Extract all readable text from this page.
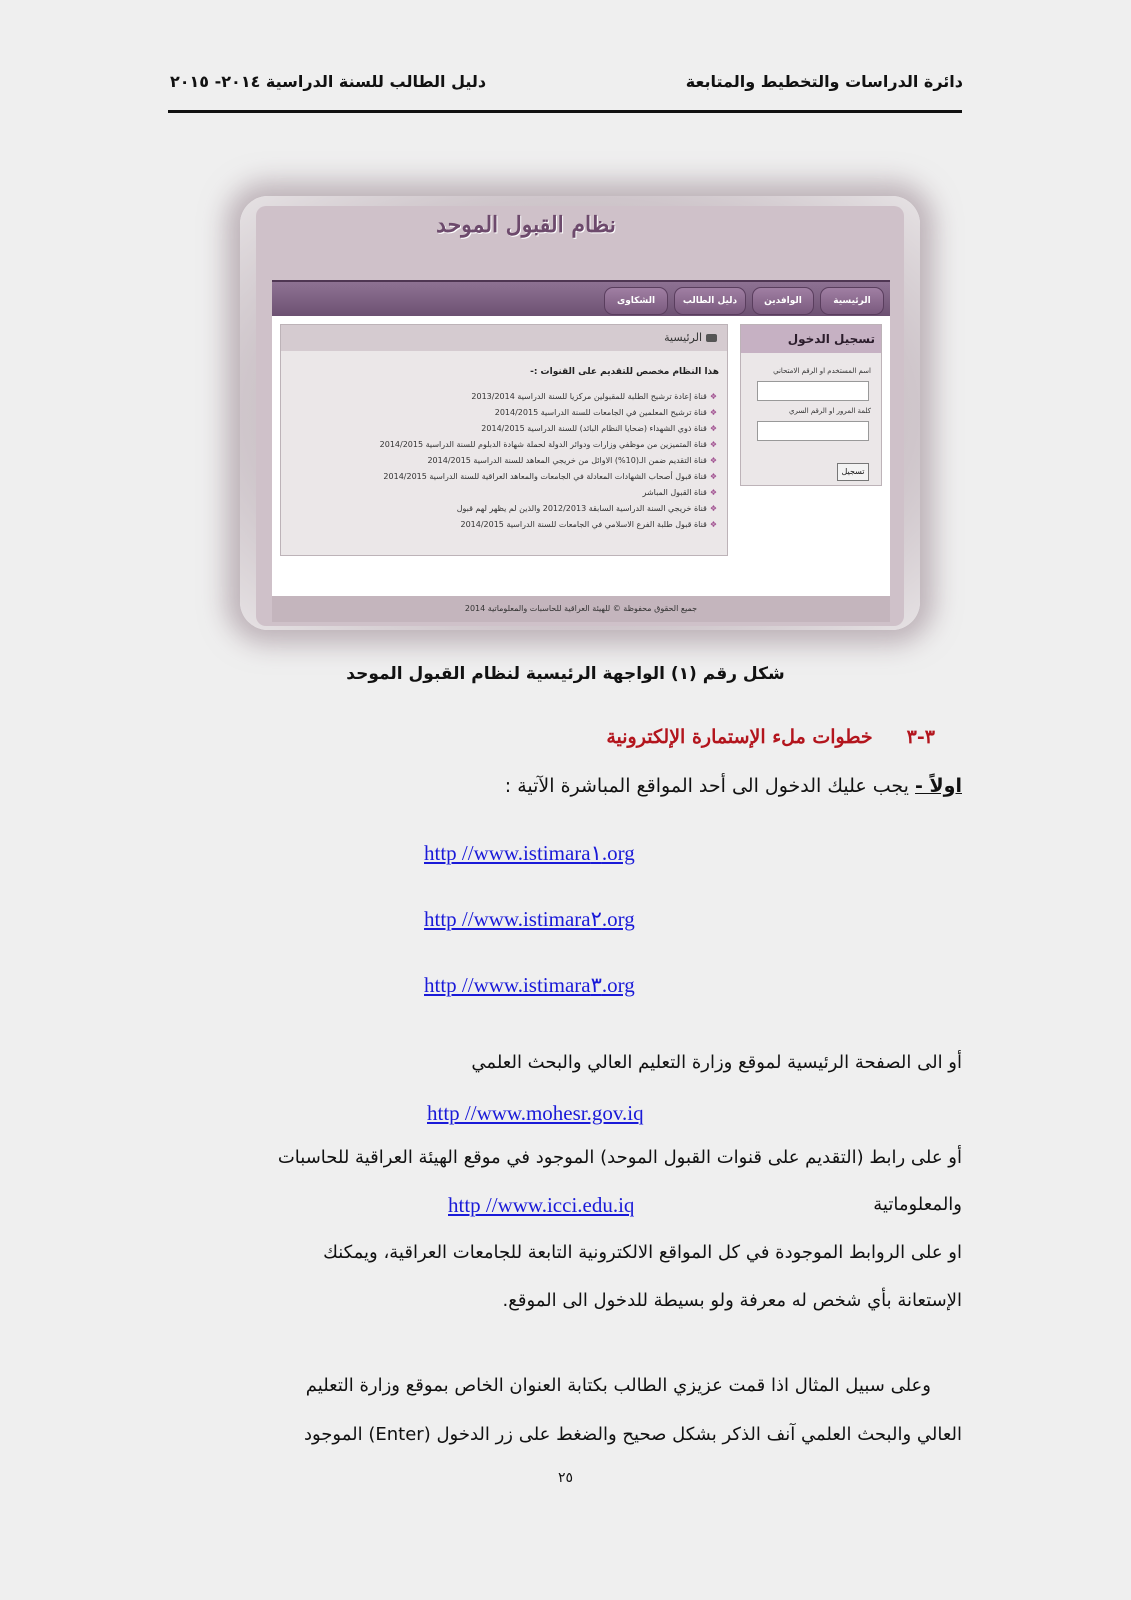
دائرة الدراسات والتخطيط والمتابعة
دليل الطالب للسنة الدراسية ٢٠١٤- ٢٠١٥
نظام القبول الموحد
الرئيسية
الوافدين
دليل الطالب
الشكاوى
تسجيل الدخول
اسم المستخدم او الرقم الامتحاني
كلمة المرور او الرقم السري
تسجيل
الرئيسية
هذا النظام مخصص للتقديم على القنوات :-
❖قناة إعادة ترشيح الطلبة للمقبولين مركزيا للسنة الدراسية 2013/2014
❖قناة ترشيح المعلمين في الجامعات للسنة الدراسية 2014/2015
❖قناة ذوي الشهداء (ضحايا النظام البائد) للسنة الدراسية 2014/2015
❖قناة المتميزين من موظفي وزارات ودوائر الدولة لحملة شهادة الدبلوم للسنة الدراسية 2014/2015
❖قناة التقديم ضمن الـ(10%) الاوائل من خريجي المعاهد للسنة الدراسية 2014/2015
❖قناة قبول أصحاب الشهادات المعادلة في الجامعات والمعاهد العراقية للسنة الدراسية 2014/2015
❖قناة القبول المباشر
❖قناة خريجي السنة الدراسية السابقة 2012/2013 والذين لم يظهر لهم قبول
❖قناة قبول طلبة الفرع الاسلامي في الجامعات للسنة الدراسية 2014/2015
جميع الحقوق محفوظة © للهيئة العراقية للحاسبات والمعلوماتية 2014
شكل رقم (١) الواجهة الرئيسية لنظام القبول الموحد
٣-٣خطوات ملء الإستمارة الإلكترونية
اولاً - يجب عليك الدخول الى أحد المواقع المباشرة الآتية :
http //www.istimara١.org
http //www.istimara٢.org
http //www.istimara٣.org
أو الى الصفحة الرئيسية لموقع وزارة التعليم العالي والبحث العلمي
http //www.mohesr.gov.iq
أو على رابط (التقديم على قنوات القبول الموحد) الموجود في موقع الهيئة العراقية للحاسبات
والمعلوماتية
http //www.icci.edu.iq
او على الروابط الموجودة في كل المواقع الالكترونية التابعة للجامعات العراقية، ويمكنك
الإستعانة بأي شخص له معرفة ولو بسيطة للدخول الى الموقع.
وعلى سبيل المثال اذا قمت عزيزي الطالب بكتابة العنوان الخاص بموقع وزارة التعليم
العالي والبحث العلمي آنف الذكر بشكل صحيح والضغط على زر الدخول (Enter) الموجود
٢٥
